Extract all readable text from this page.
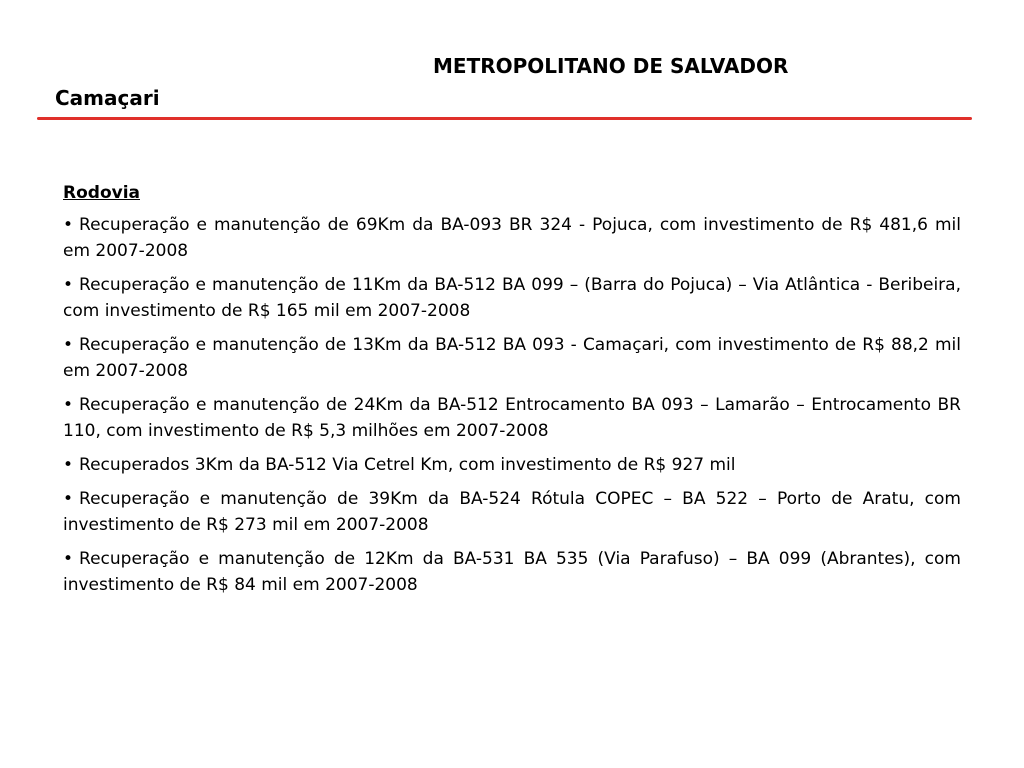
METROPOLITANO DE SALVADOR
Camaçari
Rodovia
• Recuperação e manutenção de 69Km da BA-093 BR 324 - Pojuca, com investimento de R$ 481,6 mil em 2007-2008
• Recuperação e manutenção de 11Km da BA-512 BA 099 – (Barra do Pojuca) – Via Atlântica - Beribeira, com investimento de R$ 165 mil em 2007-2008
• Recuperação e manutenção de 13Km da BA-512 BA 093 - Camaçari, com investimento de R$ 88,2 mil em 2007-2008
• Recuperação e manutenção de 24Km da BA-512 Entrocamento BA 093 – Lamarão – Entrocamento BR 110, com investimento de R$ 5,3 milhões em 2007-2008
• Recuperados 3Km da BA-512 Via Cetrel Km, com investimento de R$ 927 mil
• Recuperação e manutenção de 39Km da BA-524 Rótula COPEC – BA 522 – Porto de Aratu, com investimento de R$ 273 mil em 2007-2008
• Recuperação e manutenção de 12Km da BA-531 BA 535 (Via Parafuso) – BA 099 (Abrantes), com investimento de R$ 84 mil em 2007-2008
